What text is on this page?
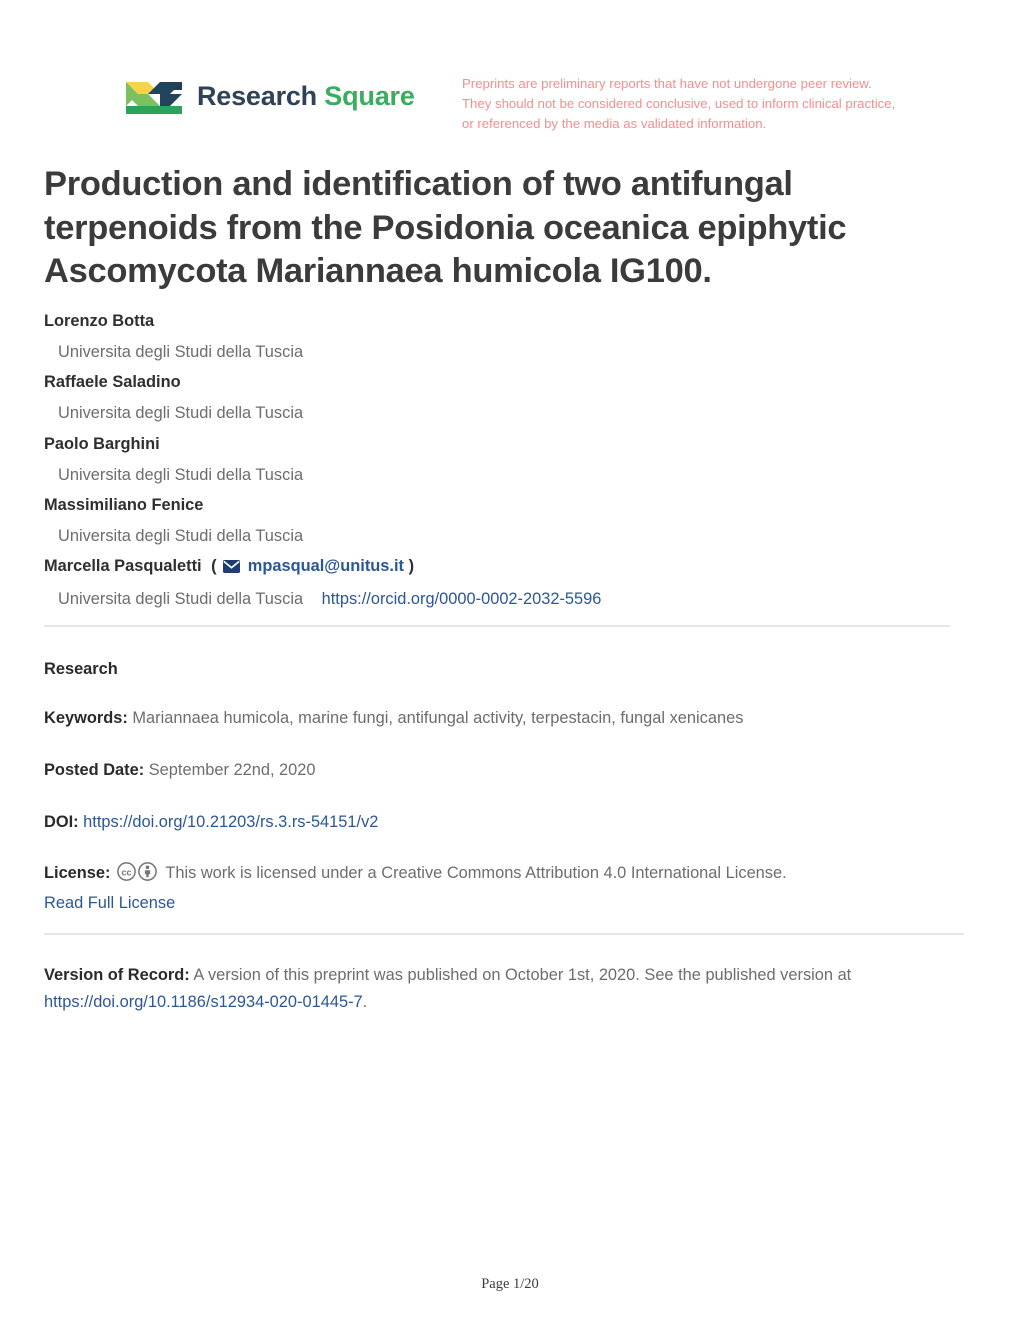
Research Square	Preprints are preliminary reports that have not undergone peer review.
They should not be considered conclusive, used to inform clinical practice,
or referenced by the media as validated information.
Production and identification of two antifungal terpenoids from the Posidonia oceanica epiphytic Ascomycota Mariannaea humicola IG100.
Lorenzo Botta
Universita degli Studi della Tuscia
Raffaele Saladino
Universita degli Studi della Tuscia
Paolo Barghini
Universita degli Studi della Tuscia
Massimiliano Fenice
Universita degli Studi della Tuscia
Marcella Pasqualetti ( mpasqual@unitus.it )
Universita degli Studi della Tuscia https://orcid.org/0000-0002-2032-5596
Research
Keywords: Mariannaea humicola, marine fungi, antifungal activity, terpestacin, fungal xenicanes
Posted Date: September 22nd, 2020
DOI: https://doi.org/10.21203/rs.3.rs-54151/v2
License: cc This work is licensed under a Creative Commons Attribution 4.0 International License.
Read Full License
Version of Record: A version of this preprint was published on October 1st, 2020. See the published version at https://doi.org/10.1186/s12934-020-01445-7.
Page 1/20
